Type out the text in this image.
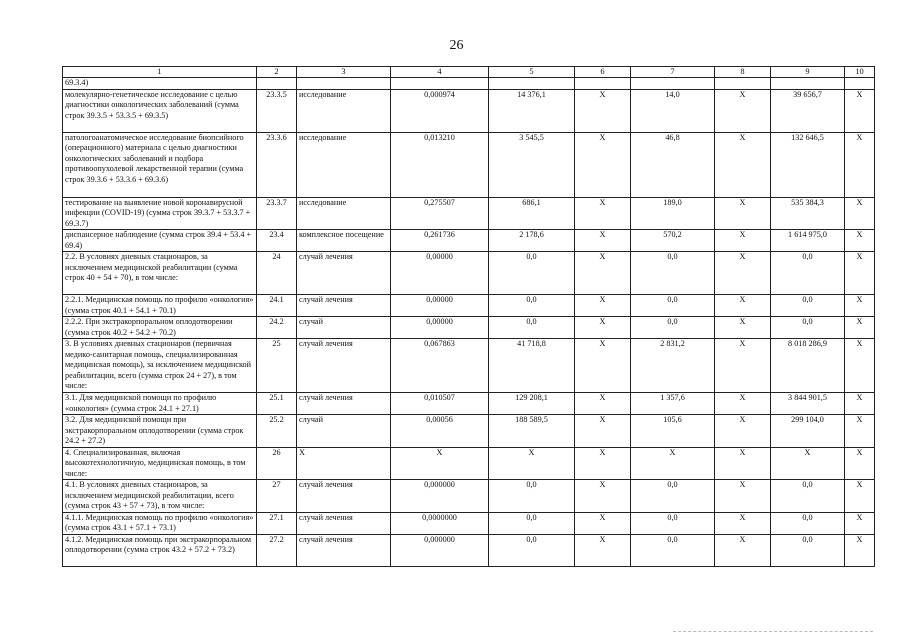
26
1	2	3	4	5	6	7	8	9	10
69.3.4)									
молекулярно-генетическое исследование с целью диагностики онкологических заболеваний (сумма строк 39.3.5 + 53.3.5 + 69.3.5)	23.3.5	исследование	0,000974	14 376,1	X	14,0	X	39 656,7	X
патологоанатомическое исследование биопсийного (операционного) материала с целью диагностики онкологических заболеваний и подбора противоопухолевой лекарственной терапии (сумма строк 39.3.6 + 53.3.6 + 69.3.6)	23.3.6	исследование	0,013210	3 545,5	X	46,8	X	132 646,5	X
тестирование на выявление новой коронавирусной инфекции (COVID-19) (сумма строк 39.3.7 + 53.3.7 + 69.3.7)	23.3.7	исследование	0,275507	686,1	X	189,0	X	535 384,3	X
диспансерное наблюдение (сумма строк 39.4 + 53.4 + 69.4)	23.4	комплексное посещение	0,261736	2 178,6	X	570,2	X	1 614 975,0	X
2.2. В условиях дневных стационаров, за исключением медицинской реабилитации (сумма строк 40 + 54 + 70), в том числе:	24	случай лечения	0,00000	0,0	X	0,0	X	0,0	X
2.2.1. Медицинская помощь по профилю «онкология» (сумма строк 40.1 + 54.1 + 70.1)	24.1	случай лечения	0,00000	0,0	X	0,0	X	0,0	X
2.2.2. При экстракорпоральном оплодотворении (сумма строк 40.2 + 54.2 + 70.2)	24.2	случай	0,00000	0,0	X	0,0	X	0,0	X
3. В условиях дневных стационаров (первичная медико-санитарная помощь, специализированная медицинская помощь), за исключением медицинской реабилитации, всего (сумма строк 24 + 27), в том числе:	25	случай лечения	0,067863	41 718,8	X	2 831,2	X	8 018 286,9	X
3.1. Для медицинской помощи по профилю «онкология» (сумма строк 24.1 + 27.1)	25.1	случай лечения	0,010507	129 208,1	X	1 357,6	X	3 844 901,5	X
3.2. Для медицинской помощи при экстракорпоральном оплодотворении (сумма строк 24.2 + 27.2)	25.2	случай	0,00056	188 589,5	X	105,6	X	299 104,0	X
4. Специализированная, включая высокотехнологичную, медицинская помощь, в том числе:	26	X	X	X	X	X	X	X	X
4.1. В условиях дневных стационаров, за исключением медицинской реабилитации, всего (сумма строк 43 + 57 + 73), в том числе:	27	случай лечения	0,000000	0,0	X	0,0	X	0,0	X
4.1.1. Медицинская помощь по профилю «онкология» (сумма строк 43.1 + 57.1 + 73.1)	27.1	случай лечения	0,0000000	0,0	X	0,0	X	0,0	X
4.1.2. Медицинская помощь при экстракорпоральном оплодотворении (сумма строк 43.2 + 57.2 + 73.2)	27.2	случай лечения	0,000000	0,0	X	0,0	X	0,0	X
